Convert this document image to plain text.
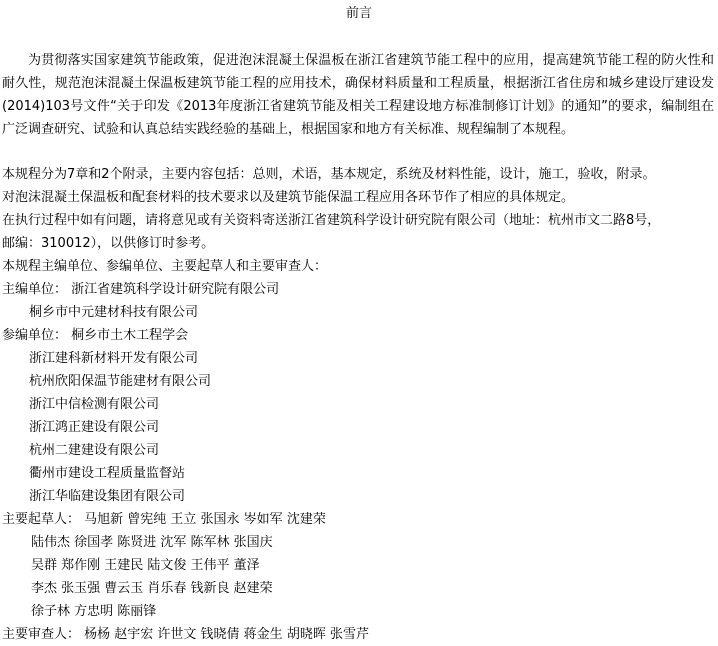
前言
为贯彻落实国家建筑节能政策，促进泡沫混凝土保温板在浙江省建筑节能工程中的应用，提高建筑节能工程的防火性和耐久性，规范泡沫混凝土保温板建筑节能工程的应用技术，确保材料质量和工程质量，根据浙江省住房和城乡建设厅建设发(2014)103号文件“关于印发《2013年度浙江省建筑节能及相关工程建设地方标准制修订计划》的通知”的要求，编制组在广泛调查研究、试验和认真总结实践经验的基础上，根据国家和地方有关标准、规程编制了本规程。
本规程分为7章和2个附录，主要内容包括：总则，术语，基本规定，系统及材料性能，设计，施工，验收，附录。
对泡沫混凝土保温板和配套材料的技术要求以及建筑节能保温工程应用各环节作了相应的具体规定。
在执行过程中如有问题，请将意见或有关资料寄送浙江省建筑科学设计研究院有限公司（地址：杭州市文二路8号，
邮编：310012），以供修订时参考。
本规程主编单位、参编单位、主要起草人和主要审查人：
主编单位： 浙江省建筑科学设计研究院有限公司
桐乡市中元建材科技有限公司
参编单位： 桐乡市土木工程学会
浙江建科新材料开发有限公司
杭州欣阳保温节能建材有限公司
浙江中信检测有限公司
浙江鸿正建设有限公司
杭州二建建设有限公司
衢州市建设工程质量监督站
浙江华临建设集团有限公司
主要起草人： 马旭新 曾宪纯 王立 张国永 岑如军 沈建荣
陆伟杰 徐国孝 陈贤进 沈军 陈军林 张国庆
吴群 郑作刚 王建民 陆文俊 王伟平 董泽
李杰 张玉强 曹云玉 肖乐春 钱新良 赵建荣
徐子林 方忠明 陈丽锋
主要审查人： 杨杨 赵宇宏 许世文 钱晓倩 蒋金生 胡晓晖 张雪芹
